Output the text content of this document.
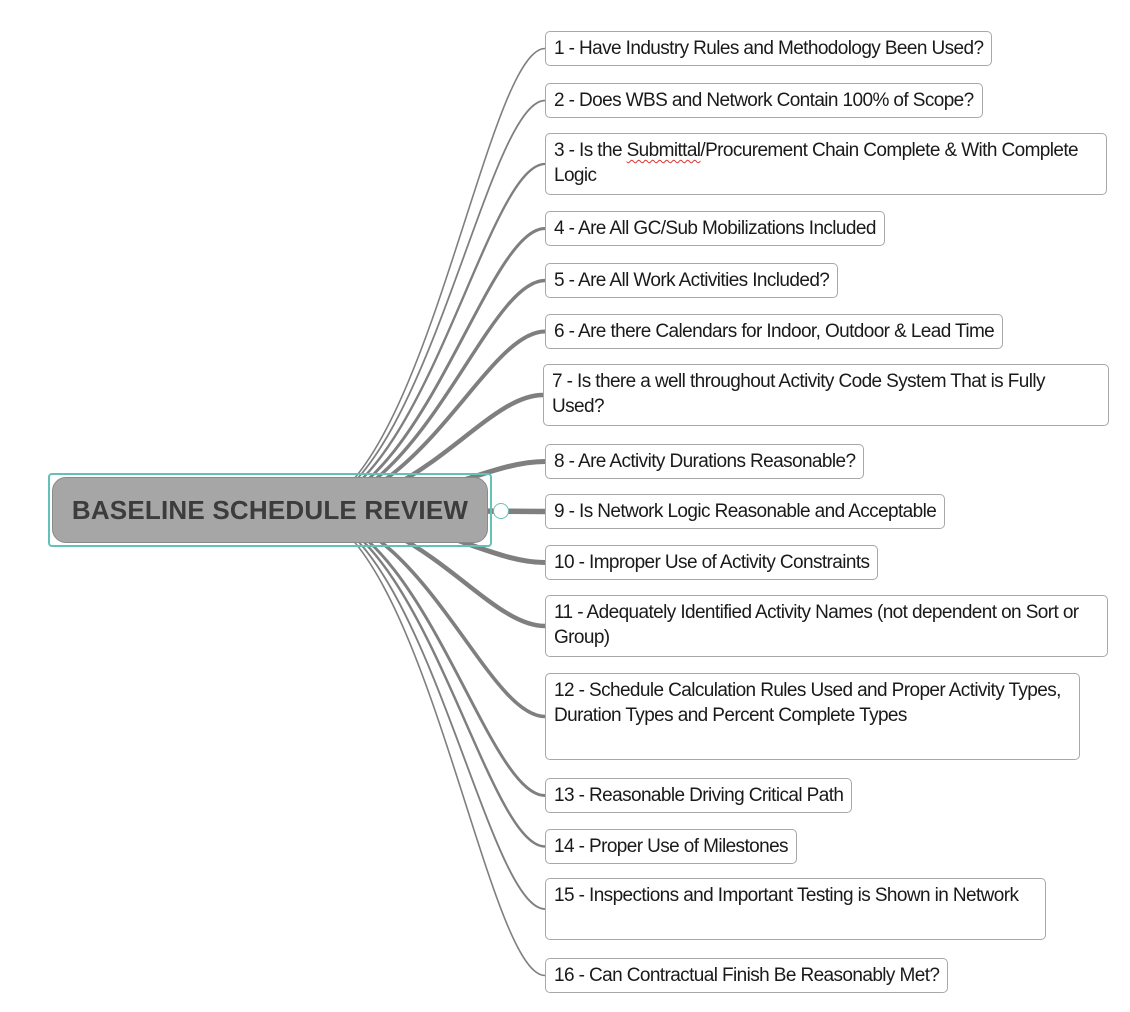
BASELINE SCHEDULE REVIEW
1 - Have Industry Rules and Methodology Been Used?
2 - Does WBS and Network Contain 100% of Scope?
3 - Is the Submittal/Procurement Chain Complete & With Complete Logic
4 - Are All GC/Sub Mobilizations Included
5 - Are All Work Activities Included?
6 - Are there Calendars for Indoor, Outdoor & Lead Time
7 - Is there a well throughout Activity Code System That is Fully Used?
8 - Are Activity Durations Reasonable?
9 - Is Network Logic Reasonable and Acceptable
10 - Improper Use of Activity Constraints
11 - Adequately Identified Activity Names (not dependent on Sort or Group)
12 - Schedule Calculation Rules Used and Proper Activity Types, Duration Types and Percent Complete Types
13 - Reasonable Driving Critical Path
14 - Proper Use of Milestones
15 - Inspections and Important Testing is Shown in Network
16 - Can Contractual Finish Be Reasonably Met?
